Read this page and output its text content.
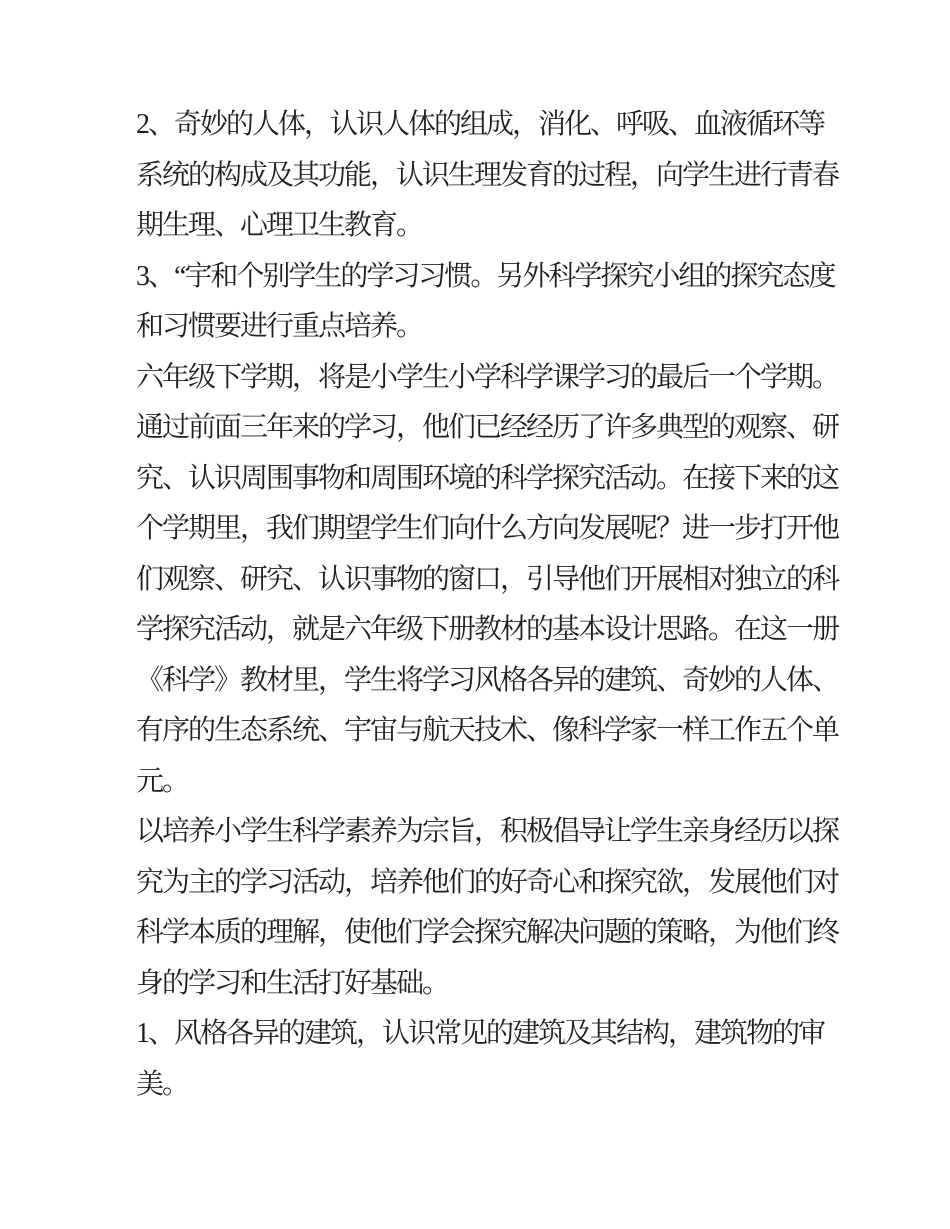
2、奇妙的人体，认识人体的组成，消化、呼吸、血液循环等
系统的构成及其功能，认识生理发育的过程，向学生进行青春
期生理、心理卫生教育。
3、“宇和个别学生的学习习惯。另外科学探究小组的探究态度
和习惯要进行重点培养。
六年级下学期，将是小学生小学科学课学习的最后一个学期。
通过前面三年来的学习，他们已经经历了许多典型的观察、研
究、认识周围事物和周围环境的科学探究活动。在接下来的这
个学期里，我们期望学生们向什么方向发展呢？进一步打开他
们观察、研究、认识事物的窗口，引导他们开展相对独立的科
学探究活动，就是六年级下册教材的基本设计思路。在这一册
《科学》教材里，学生将学习风格各异的建筑、奇妙的人体、
有序的生态系统、宇宙与航天技术、像科学家一样工作五个单
元。
以培养小学生科学素养为宗旨，积极倡导让学生亲身经历以探
究为主的学习活动，培养他们的好奇心和探究欲，发展他们对
科学本质的理解，使他们学会探究解决问题的策略，为他们终
身的学习和生活打好基础。
1、风格各异的建筑，认识常见的建筑及其结构，建筑物的审
美。
